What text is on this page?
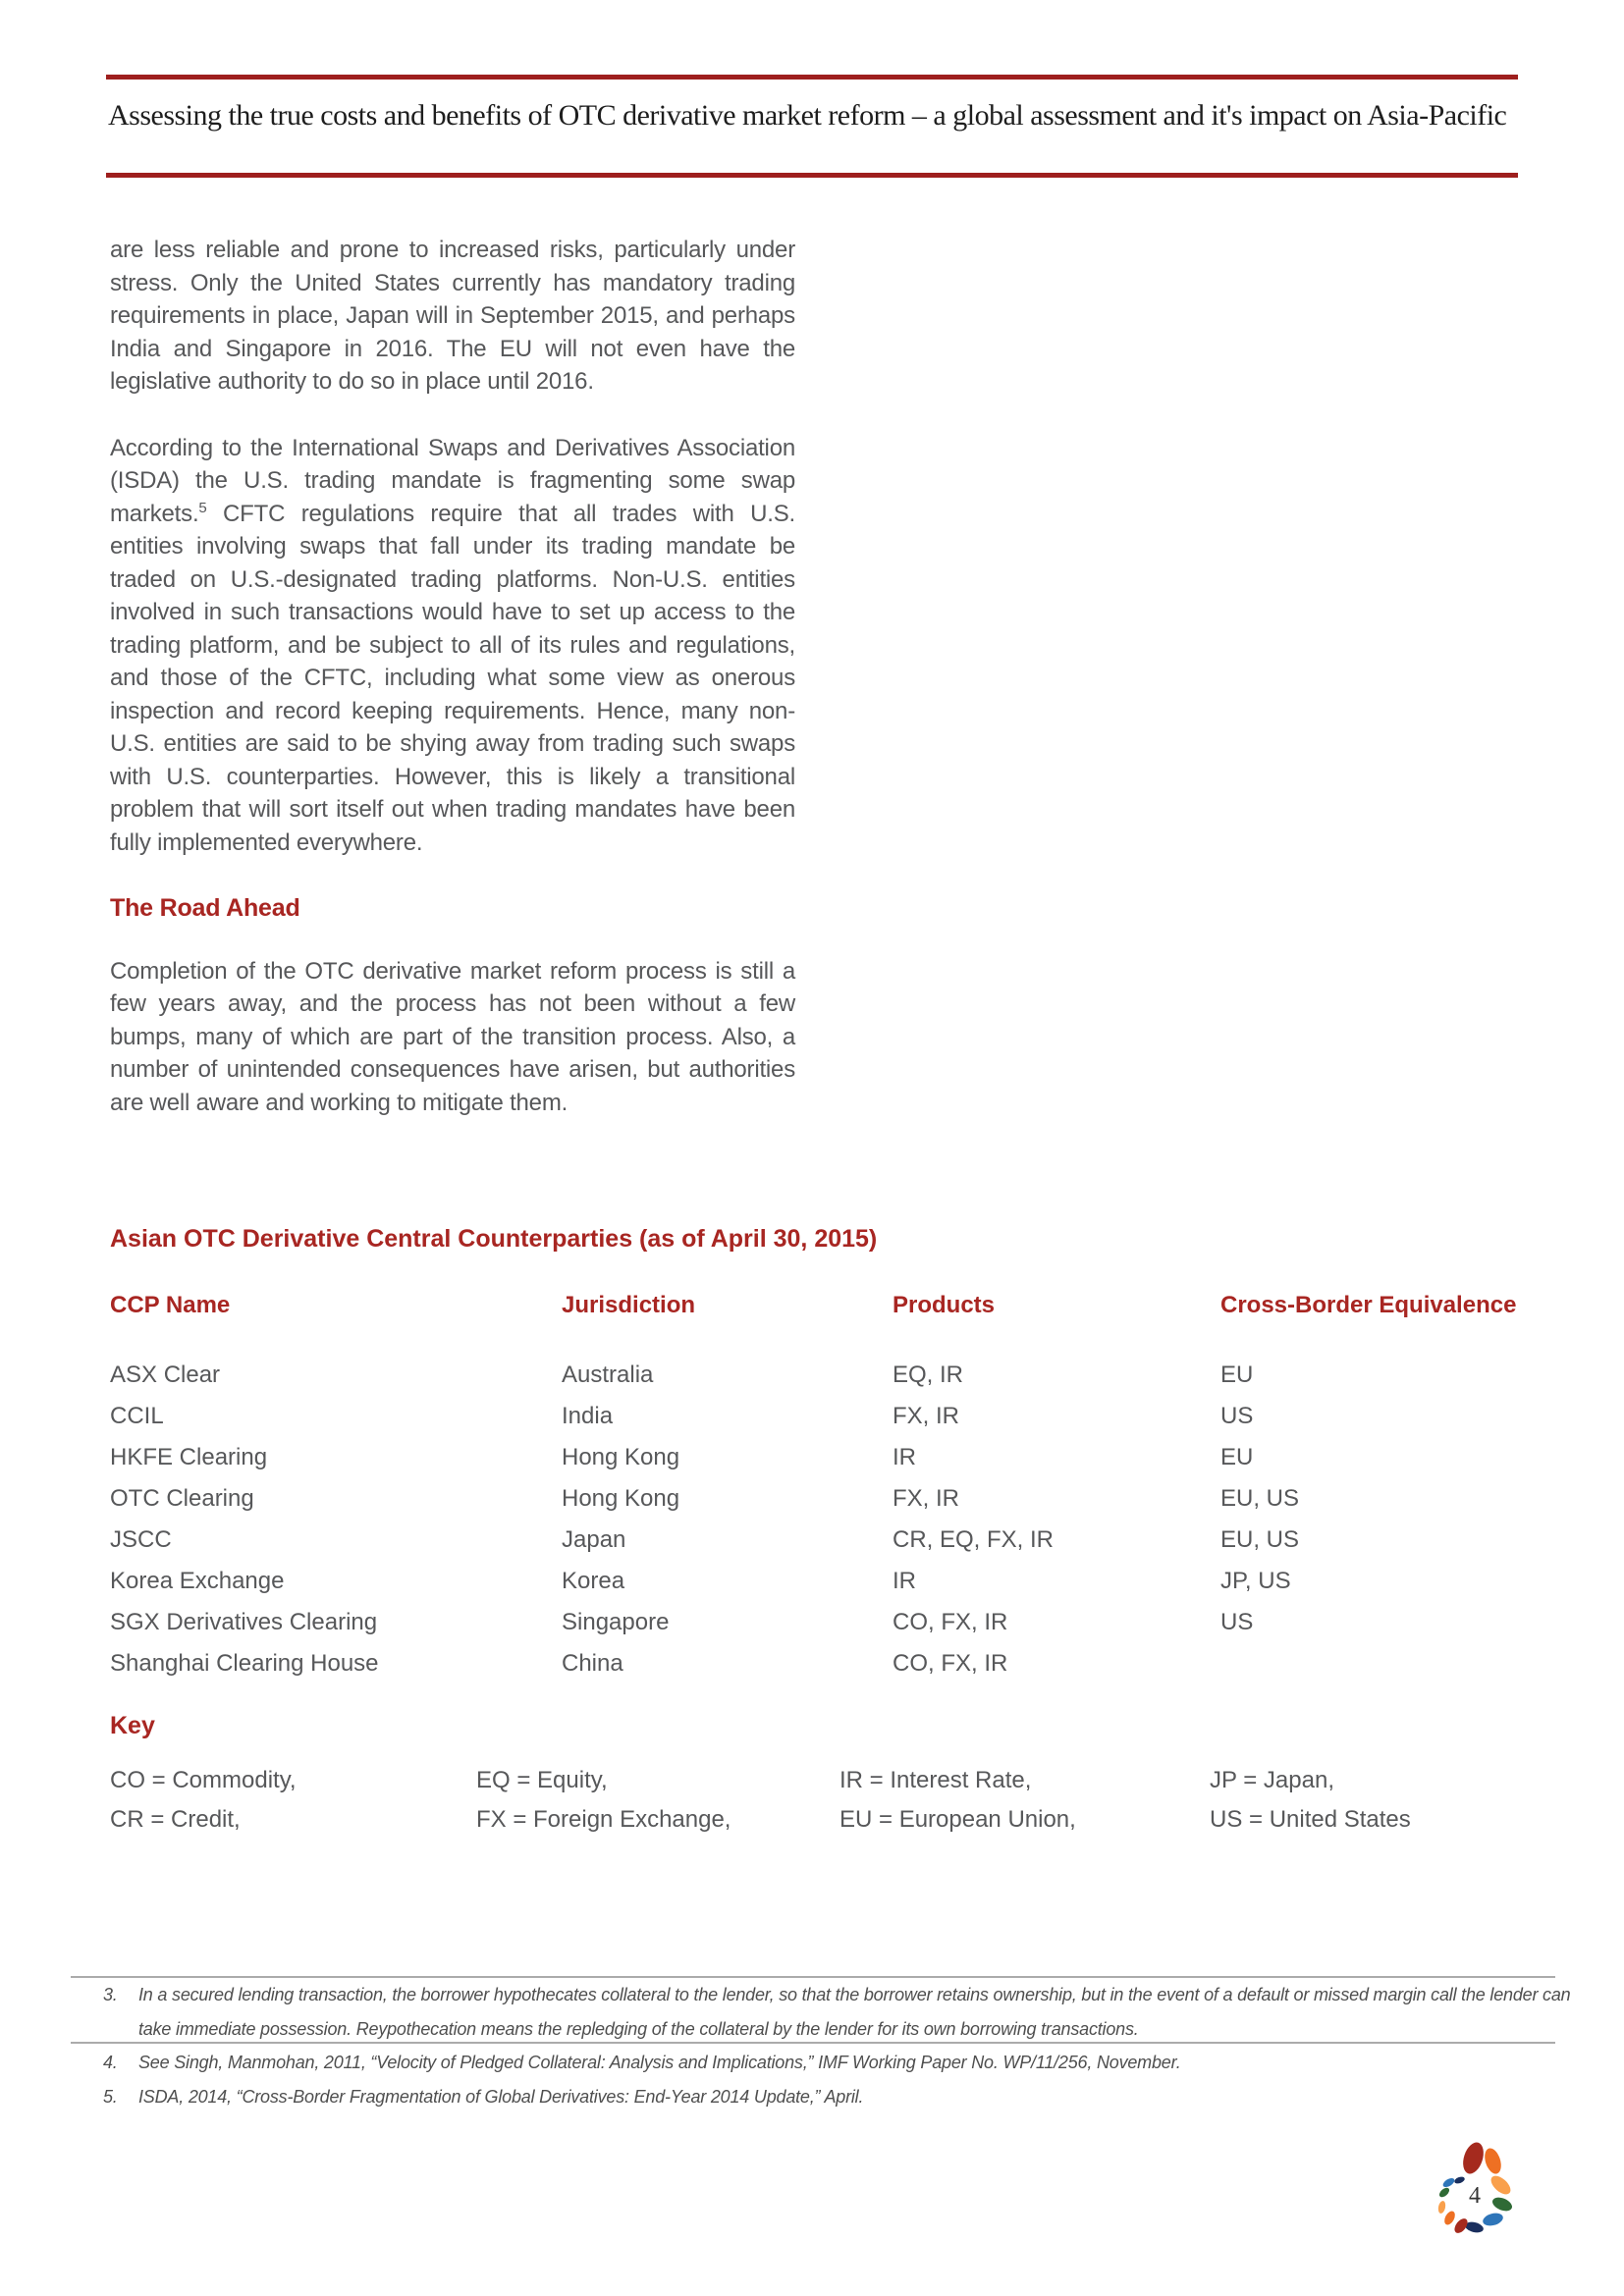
Assessing the true costs and benefits of OTC derivative market reform – a global assessment and it's impact on Asia-Pacific

are less reliable and prone to increased risks, particularly under stress. Only the United States currently has mandatory trading requirements in place, Japan will in September 2015, and perhaps India and Singapore in 2016. The EU will not even have the legislative authority to do so in place until 2016.

According to the International Swaps and Derivatives Association (ISDA) the U.S. trading mandate is fragmenting some swap markets.$^5$ CFTC regulations require that all trades with U.S. entities involving swaps that fall under its trading mandate be traded on U.S.-designated trading platforms. Non-U.S. entities involved in such transactions would have to set up access to the trading platform, and be subject to all of its rules and regulations, and those of the CFTC, including what some view as onerous inspection and record keeping requirements. Hence, many non-U.S. entities are said to be shying away from trading such swaps with U.S. counterparties. However, this is likely a transitional problem that will sort itself out when trading mandates have been fully implemented everywhere.

The Road Ahead

Completion of the OTC derivative market reform process is still a few years away, and the process has not been without a few bumps, many of which are part of the transition process. Also, a number of unintended consequences have arisen, but authorities are well aware and working to mitigate them.

Asian OTC Derivative Central Counterparties (as of April 30, 2015)
CCP Name	Jurisdiction	Products	Cross-Border Equivalence
ASX Clear	Australia	EQ, IR	EU
CCIL	India	FX, IR	US
HKFE Clearing	Hong Kong	IR	EU
OTC Clearing	Hong Kong	FX, IR	EU, US
JSCC	Japan	CR, EQ, FX, IR	EU, US
Korea Exchange	Korea	IR	JP, US
SGX Derivatives Clearing	Singapore	CO, FX, IR	US
Shanghai Clearing House	China	CO, FX, IR
Key
CO = Commodity,	EQ = Equity,	IR = Interest Rate,	JP = Japan,
CR = Credit,	FX = Foreign Exchange,	EU = European Union,	US = United States
3. In a secured lending transaction, the borrower hypothecates collateral to the lender, so that the borrower retains ownership, but in the event of a default or missed margin call the lender can
take immediate possession. Reypothecation means the repledging of the collateral by the lender for its own borrowing transactions.
4. See Singh, Manmohan, 2011, “Velocity of Pledged Collateral: Analysis and Implications,” IMF Working Paper No. WP/11/256, November.
5. ISDA, 2014, “Cross-Border Fragmentation of Global Derivatives: End-Year 2014 Update,” April.
4
